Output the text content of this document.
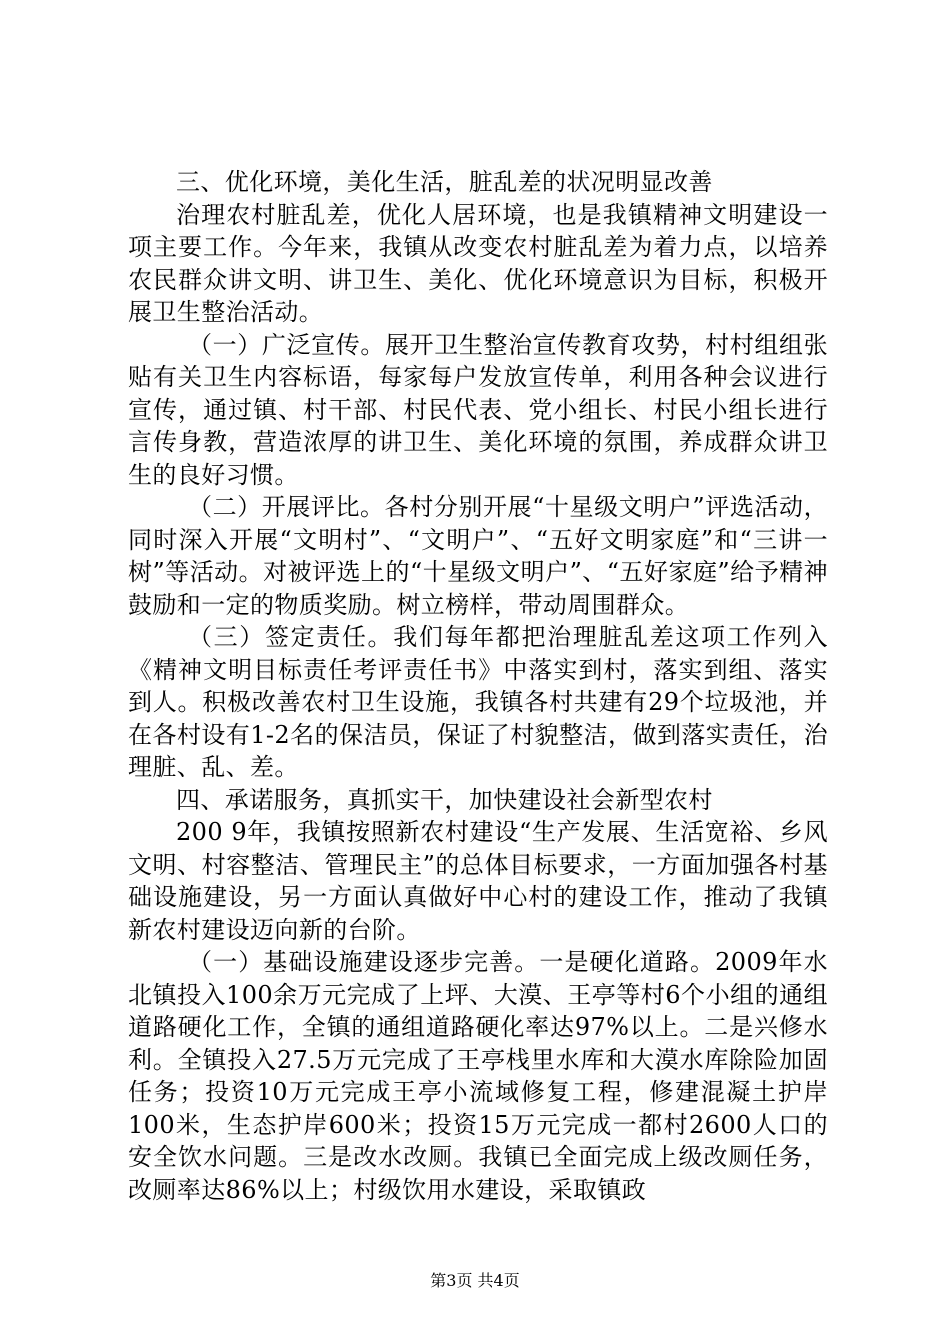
三、优化环境，美化生活，脏乱差的状况明显改善

治理农村脏乱差，优化人居环境，也是我镇精神文明建设一项主要工作。今年来，我镇从改变农村脏乱差为着力点，以培养农民群众讲文明、讲卫生、美化、优化环境意识为目标，积极开展卫生整治活动。

（一）广泛宣传。展开卫生整治宣传教育攻势，村村组组张贴有关卫生内容标语，每家每户发放宣传单，利用各种会议进行宣传，通过镇、村干部、村民代表、党小组长、村民小组长进行言传身教，营造浓厚的讲卫生、美化环境的氛围，养成群众讲卫生的良好习惯。

（二）开展评比。各村分别开展“十星级文明户”评选活动，同时深入开展“文明村”、“文明户”、“五好文明家庭”和“三讲一树”等活动。对被评选上的“十星级文明户”、“五好家庭”给予精神鼓励和一定的物质奖励。树立榜样，带动周围群众。

（三）签定责任。我们每年都把治理脏乱差这项工作列入《精神文明目标责任考评责任书》中落实到村，落实到组、落实到人。积极改善农村卫生设施，我镇各村共建有29个垃圾池，并在各村设有1-2名的保洁员，保证了村貌整洁，做到落实责任，治理脏、乱、差。

四、承诺服务，真抓实干，加快建设社会新型农村

200 9年，我镇按照新农村建设“生产发展、生活宽裕、乡风文明、村容整洁、管理民主”的总体目标要求，一方面加强各村基础设施建设，另一方面认真做好中心村的建设工作，推动了我镇新农村建设迈向新的台阶。

（一）基础设施建设逐步完善。一是硬化道路。2009年水北镇投入100余万元完成了上坪、大漠、王亭等村6个小组的通组道路硬化工作，全镇的通组道路硬化率达97%以上。二是兴修水利。全镇投入27.5万元完成了王亭栈里水库和大漠水库除险加固任务；投资10万元完成王亭小流域修复工程，修建混凝土护岸100米，生态护岸600米；投资15万元完成一都村2600人口的安全饮水问题。三是改水改厕。我镇已全面完成上级改厕任务，改厕率达86%以上；村级饮用水建设，采取镇政

第3页 共4页
